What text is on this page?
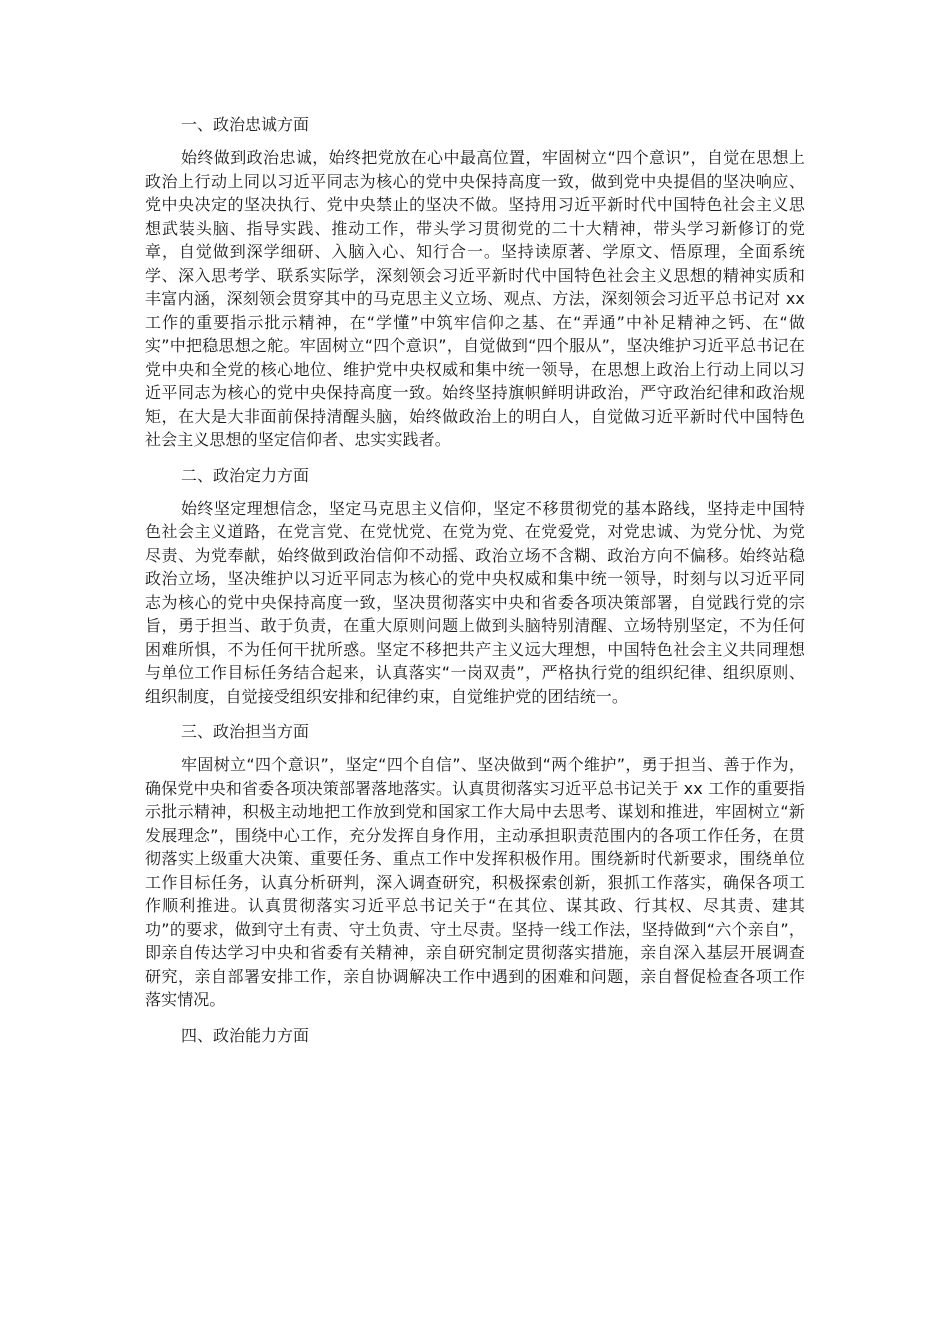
一、政治忠诚方面

始终做到政治忠诚，始终把党放在心中最高位置，牢固树立“四个意识”，自觉在思想上政治上行动上同以习近平同志为核心的党中央保持高度一致，做到党中央提倡的坚决响应、党中央决定的坚决执行、党中央禁止的坚决不做。坚持用习近平新时代中国特色社会主义思想武装头脑、指导实践、推动工作，带头学习贯彻党的二十大精神，带头学习新修订的党章，自觉做到深学细研、入脑入心、知行合一。坚持读原著、学原文、悟原理，全面系统学、深入思考学、联系实际学，深刻领会习近平新时代中国特色社会主义思想的精神实质和丰富内涵，深刻领会贯穿其中的马克思主义立场、观点、方法，深刻领会习近平总书记对 xx 工作的重要指示批示精神，在“学懂”中筑牢信仰之基、在“弄通”中补足精神之钙、在“做实”中把稳思想之舵。牢固树立“四个意识”，自觉做到“四个服从”，坚决维护习近平总书记在党中央和全党的核心地位、维护党中央权威和集中统一领导，在思想上政治上行动上同以习近平同志为核心的党中央保持高度一致。始终坚持旗帜鲜明讲政治，严守政治纪律和政治规矩，在大是大非面前保持清醒头脑，始终做政治上的明白人，自觉做习近平新时代中国特色社会主义思想的坚定信仰者、忠实实践者。

二、政治定力方面

始终坚定理想信念，坚定马克思主义信仰，坚定不移贯彻党的基本路线，坚持走中国特色社会主义道路，在党言党、在党忧党、在党为党、在党爱党，对党忠诚、为党分忧、为党尽责、为党奉献，始终做到政治信仰不动摇、政治立场不含糊、政治方向不偏移。始终站稳政治立场，坚决维护以习近平同志为核心的党中央权威和集中统一领导，时刻与以习近平同志为核心的党中央保持高度一致，坚决贯彻落实中央和省委各项决策部署，自觉践行党的宗旨，勇于担当、敢于负责，在重大原则问题上做到头脑特别清醒、立场特别坚定，不为任何困难所惧，不为任何干扰所惑。坚定不移把共产主义远大理想，中国特色社会主义共同理想与单位工作目标任务结合起来，认真落实“一岗双责”，严格执行党的组织纪律、组织原则、组织制度，自觉接受组织安排和纪律约束，自觉维护党的团结统一。

三、政治担当方面

牢固树立“四个意识”，坚定“四个自信”、坚决做到“两个维护”，勇于担当、善于作为，确保党中央和省委各项决策部署落地落实。认真贯彻落实习近平总书记关于 xx 工作的重要指示批示精神，积极主动地把工作放到党和国家工作大局中去思考、谋划和推进，牢固树立“新发展理念”，围绕中心工作，充分发挥自身作用，主动承担职责范围内的各项工作任务，在贯彻落实上级重大决策、重要任务、重点工作中发挥积极作用。围绕新时代新要求，围绕单位工作目标任务，认真分析研判，深入调查研究，积极探索创新，狠抓工作落实，确保各项工作顺利推进。认真贯彻落实习近平总书记关于“在其位、谋其政、行其权、尽其责、建其功”的要求，做到守土有责、守土负责、守土尽责。坚持一线工作法，坚持做到“六个亲自”，即亲自传达学习中央和省委有关精神，亲自研究制定贯彻落实措施，亲自深入基层开展调查研究，亲自部署安排工作，亲自协调解决工作中遇到的困难和问题，亲自督促检查各项工作落实情况。

四、政治能力方面
